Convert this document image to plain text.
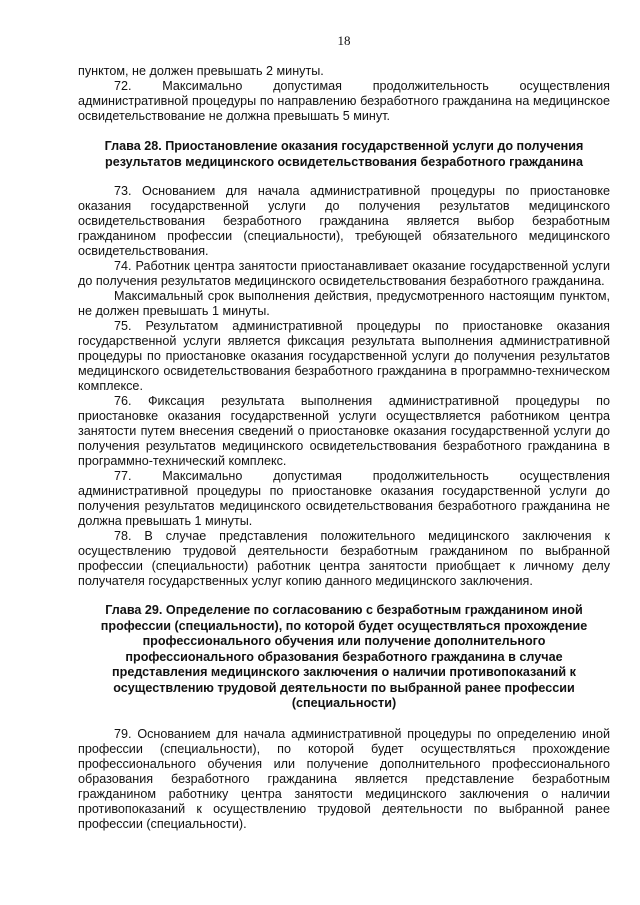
18

пунктом, не должен превышать 2 минуты.

72. Максимально допустимая продолжительность осуществления административной процедуры по направлению безработного гражданина на медицинское освидетельствование не должна превышать 5 минут.

Глава 28. Приостановление оказания государственной услуги до получения результатов медицинского освидетельствования безработного гражданина

73. Основанием для начала административной процедуры по приостановке оказания государственной услуги до получения результатов медицинского освидетельствования безработного гражданина является выбор безработным гражданином профессии (специальности), требующей обязательного медицинского освидетельствования.

74. Работник центра занятости приостанавливает оказание государственной услуги до получения результатов медицинского освидетельствования безработного гражданина.

Максимальный срок выполнения действия, предусмотренного настоящим пунктом, не должен превышать 1 минуты.

75. Результатом административной процедуры по приостановке оказания государственной услуги является фиксация результата выполнения административной процедуры по приостановке оказания государственной услуги до получения результатов медицинского освидетельствования безработного гражданина в программно-техническом комплексе.

76. Фиксация результата выполнения административной процедуры по приостановке оказания государственной услуги осуществляется работником центра занятости путем внесения сведений о приостановке оказания государственной услуги до получения результатов медицинского освидетельствования безработного гражданина в программно-технический комплекс.

77. Максимально допустимая продолжительность осуществления административной процедуры по приостановке оказания государственной услуги до получения результатов медицинского освидетельствования безработного гражданина не должна превышать 1 минуты.

78. В случае представления положительного медицинского заключения к осуществлению трудовой деятельности безработным гражданином по выбранной профессии (специальности) работник центра занятости приобщает к личному делу получателя государственных услуг копию данного медицинского заключения.

Глава 29. Определение по согласованию с безработным гражданином иной профессии (специальности), по которой будет осуществляться прохождение профессионального обучения или получение дополнительного профессионального образования безработного гражданина в случае представления медицинского заключения о наличии противопоказаний к осуществлению трудовой деятельности по выбранной ранее профессии (специальности)

79. Основанием для начала административной процедуры по определению иной профессии (специальности), по которой будет осуществляться прохождение профессионального обучения или получение дополнительного профессионального образования безработного гражданина является представление безработным гражданином работнику центра занятости медицинского заключения о наличии противопоказаний к осуществлению трудовой деятельности по выбранной ранее профессии (специальности).
